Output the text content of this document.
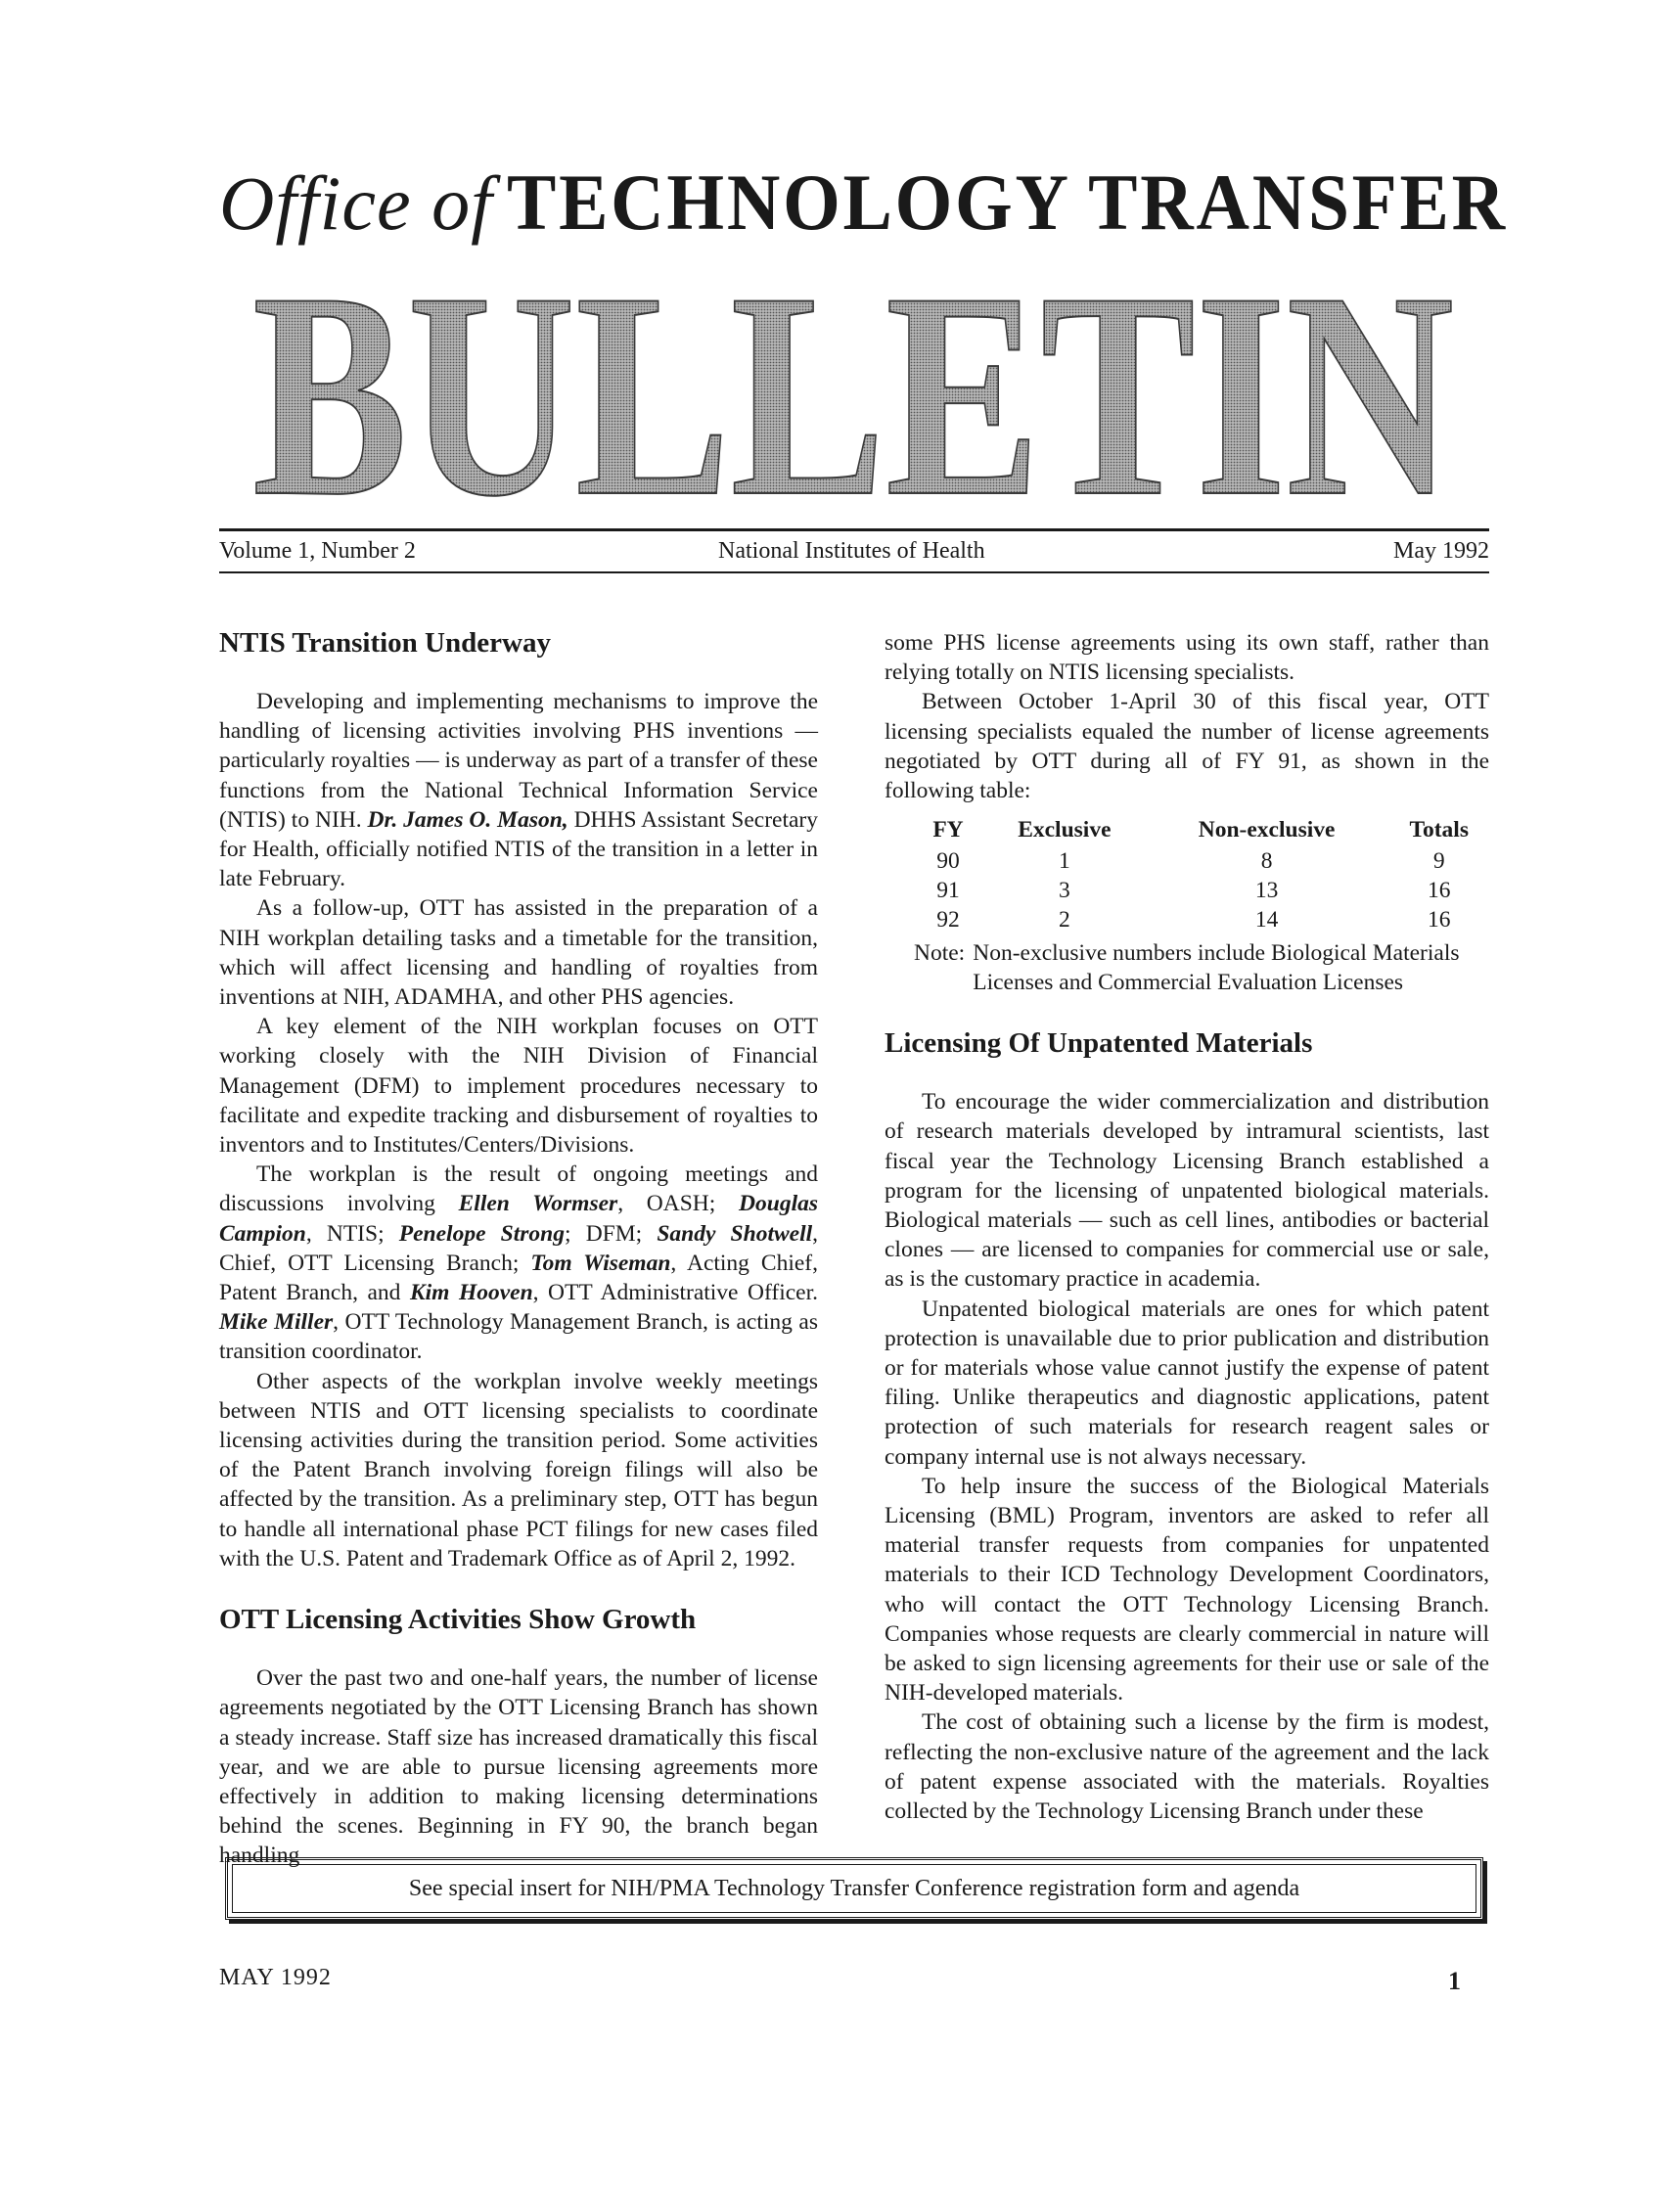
Office of TECHNOLOGY TRANSFER
BULLETIN
Volume 1, Number 2	National Institutes of Health	May 1992
NTIS Transition Underway

Developing and implementing mechanisms to improve the handling of licensing activities involving PHS inventions — particularly royalties — is underway as part of a transfer of these functions from the National Technical Information Service (NTIS) to NIH. Dr. James O. Mason, DHHS Assistant Secretary for Health, officially notified NTIS of the transition in a letter in late February.

As a follow-up, OTT has assisted in the preparation of a NIH workplan detailing tasks and a timetable for the transition, which will affect licensing and handling of royalties from inventions at NIH, ADAMHA, and other PHS agencies.

A key element of the NIH workplan focuses on OTT working closely with the NIH Division of Financial Management (DFM) to implement procedures necessary to facilitate and expedite tracking and disbursement of royalties to inventors and to Institutes/Centers/Divisions.

The workplan is the result of ongoing meetings and discussions involving Ellen Wormser, OASH; Douglas Campion, NTIS; Penelope Strong; DFM; Sandy Shotwell, Chief, OTT Licensing Branch; Tom Wiseman, Acting Chief, Patent Branch, and Kim Hooven, OTT Administrative Officer. Mike Miller, OTT Technology Management Branch, is acting as transition coordinator.

Other aspects of the workplan involve weekly meetings between NTIS and OTT licensing specialists to coordinate licensing activities during the transition period. Some activities of the Patent Branch involving foreign filings will also be affected by the transition. As a preliminary step, OTT has begun to handle all international phase PCT filings for new cases filed with the U.S. Patent and Trademark Office as of April 2, 1992.

OTT Licensing Activities Show Growth

Over the past two and one-half years, the number of license agreements negotiated by the OTT Licensing Branch has shown a steady increase. Staff size has increased dramatically this fiscal year, and we are able to pursue licensing agreements more effectively in addition to making licensing determinations behind the scenes. Beginning in FY 90, the branch began handling

some PHS license agreements using its own staff, rather than relying totally on NTIS licensing specialists.

Between October 1-April 30 of this fiscal year, OTT licensing specialists equaled the number of license agreements negotiated by OTT during all of FY 91, as shown in the following table:

FY	Exclusive	Non-exclusive	Totals
90	1	8	9
91	3	13	16
92	2	14	16
Note: Non-exclusive numbers include Biological Materials Licenses and Commercial Evaluation Licenses
Licensing Of Unpatented Materials

To encourage the wider commercialization and distribution of research materials developed by intramural scientists, last fiscal year the Technology Licensing Branch established a program for the licensing of unpatented biological materials. Biological materials — such as cell lines, antibodies or bacterial clones — are licensed to companies for commercial use or sale, as is the customary practice in academia.

Unpatented biological materials are ones for which patent protection is unavailable due to prior publication and distribution or for materials whose value cannot justify the expense of patent filing. Unlike therapeutics and diagnostic applications, patent protection of such materials for research reagent sales or company internal use is not always necessary.

To help insure the success of the Biological Materials Licensing (BML) Program, inventors are asked to refer all material transfer requests from companies for unpatented materials to their ICD Technology Development Coordinators, who will contact the OTT Technology Licensing Branch. Companies whose requests are clearly commercial in nature will be asked to sign licensing agreements for their use or sale of the NIH-developed materials.

The cost of obtaining such a license by the firm is modest, reflecting the non-exclusive nature of the agreement and the lack of patent expense associated with the materials. Royalties collected by the Technology Licensing Branch under these

See special insert for NIH/PMA Technology Transfer Conference registration form and agenda
MAY 1992	1
